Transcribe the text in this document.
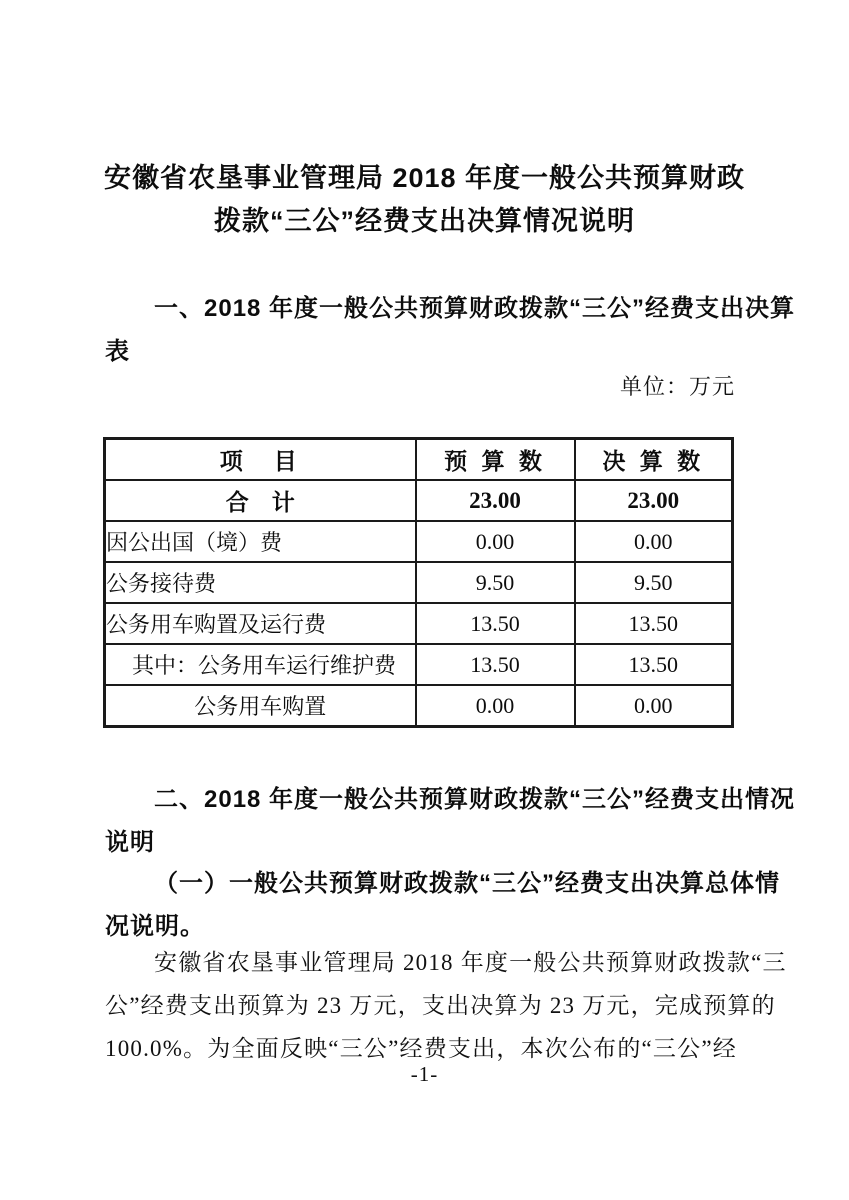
安徽省农垦事业管理局 2018 年度一般公共预算财政
拨款“三公”经费支出决算情况说明
一、2018 年度一般公共预算财政拨款“三公”经费支出决算
表
单位：万元
项　目	预 算 数	决 算 数
合　计	23.00	23.00
因公出国（境）费	0.00	0.00
公务接待费	9.50	9.50
公务用车购置及运行费	13.50	13.50
其中：公务用车运行维护费	13.50	13.50
公务用车购置	0.00	0.00
二、2018 年度一般公共预算财政拨款“三公”经费支出情况
说明
（一）一般公共预算财政拨款“三公”经费支出决算总体情
况说明。
安徽省农垦事业管理局 2018 年度一般公共预算财政拨款“三
公”经费支出预算为 23 万元，支出决算为 23 万元，完成预算的
100.0%。为全面反映“三公”经费支出，本次公布的“三公”经
-1-
